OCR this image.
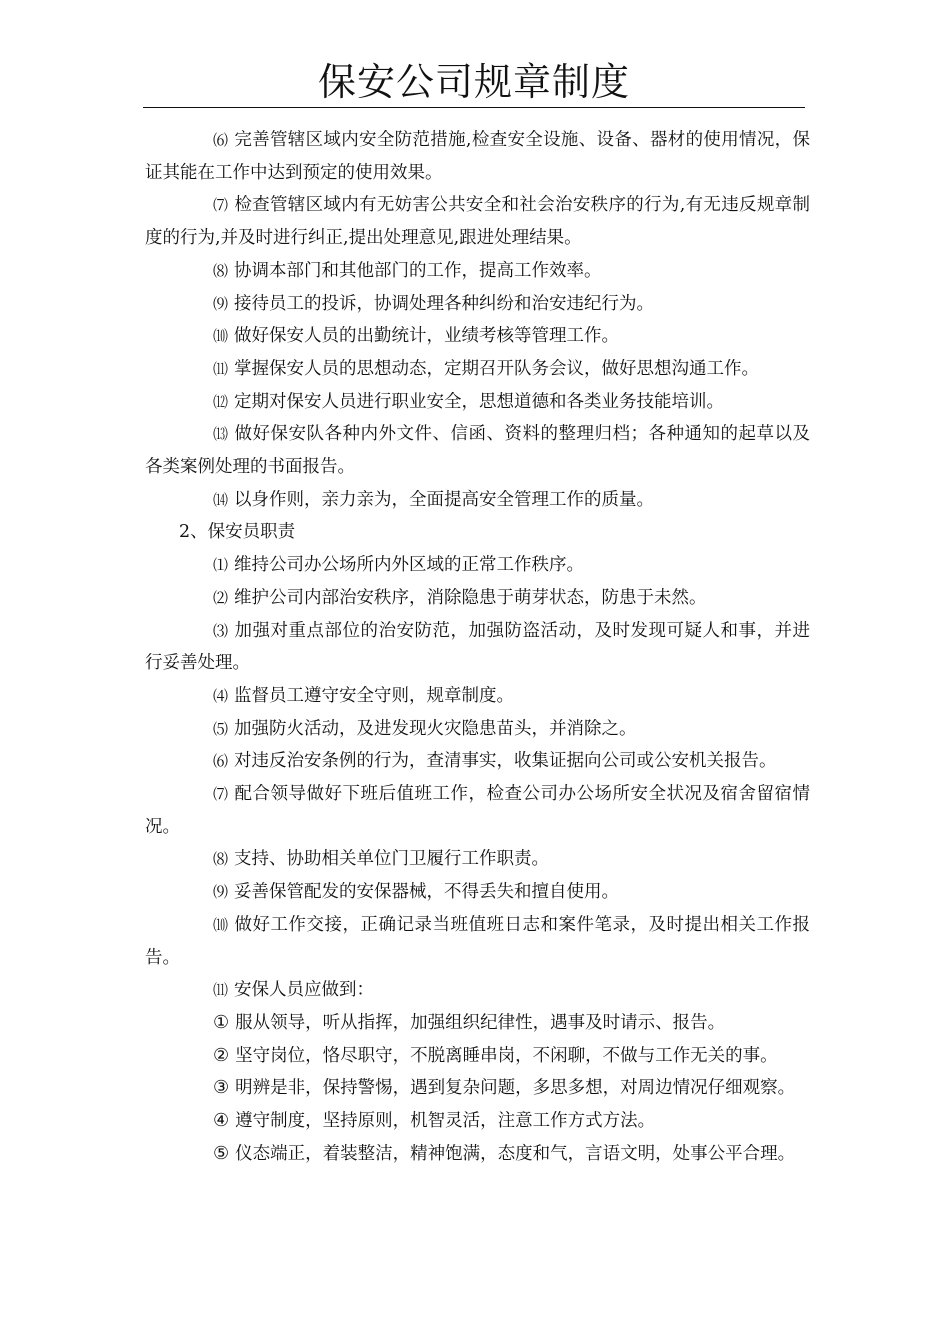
保安公司规章制度

⑹ 完善管辖区域内安全防范措施,检查安全设施、设备、器材的使用情况，保证其能在工作中达到预定的使用效果。

⑺ 检查管辖区域内有无妨害公共安全和社会治安秩序的行为,有无违反规章制度的行为,并及时进行纠正,提出处理意见,跟进处理结果。

⑻ 协调本部门和其他部门的工作，提高工作效率。

⑼ 接待员工的投诉，协调处理各种纠纷和治安违纪行为。

⑽ 做好保安人员的出勤统计，业绩考核等管理工作。

⑾ 掌握保安人员的思想动态，定期召开队务会议，做好思想沟通工作。

⑿ 定期对保安人员进行职业安全，思想道德和各类业务技能培训。

⒀ 做好保安队各种内外文件、信函、资料的整理归档；各种通知的起草以及各类案例处理的书面报告。

⒁ 以身作则，亲力亲为，全面提高安全管理工作的质量。

2、保安员职责

⑴ 维持公司办公场所内外区域的正常工作秩序。

⑵ 维护公司内部治安秩序，消除隐患于萌芽状态，防患于未然。

⑶ 加强对重点部位的治安防范，加强防盗活动，及时发现可疑人和事，并进行妥善处理。

⑷ 监督员工遵守安全守则，规章制度。

⑸ 加强防火活动，及进发现火灾隐患苗头，并消除之。

⑹ 对违反治安条例的行为，查清事实，收集证据向公司或公安机关报告。

⑺ 配合领导做好下班后值班工作，检查公司办公场所安全状况及宿舍留宿情况。

⑻ 支持、协助相关单位门卫履行工作职责。

⑼ 妥善保管配发的安保器械，不得丢失和擅自使用。

⑽ 做好工作交接，正确记录当班值班日志和案件笔录，及时提出相关工作报告。

⑾ 安保人员应做到：

① 服从领导，听从指挥，加强组织纪律性，遇事及时请示、报告。

② 坚守岗位，恪尽职守，不脱离睡串岗，不闲聊，不做与工作无关的事。

③ 明辨是非，保持警惕，遇到复杂问题，多思多想，对周边情况仔细观察。

④ 遵守制度，坚持原则，机智灵活，注意工作方式方法。

⑤ 仪态端正，着装整洁，精神饱满，态度和气，言语文明，处事公平合理。
